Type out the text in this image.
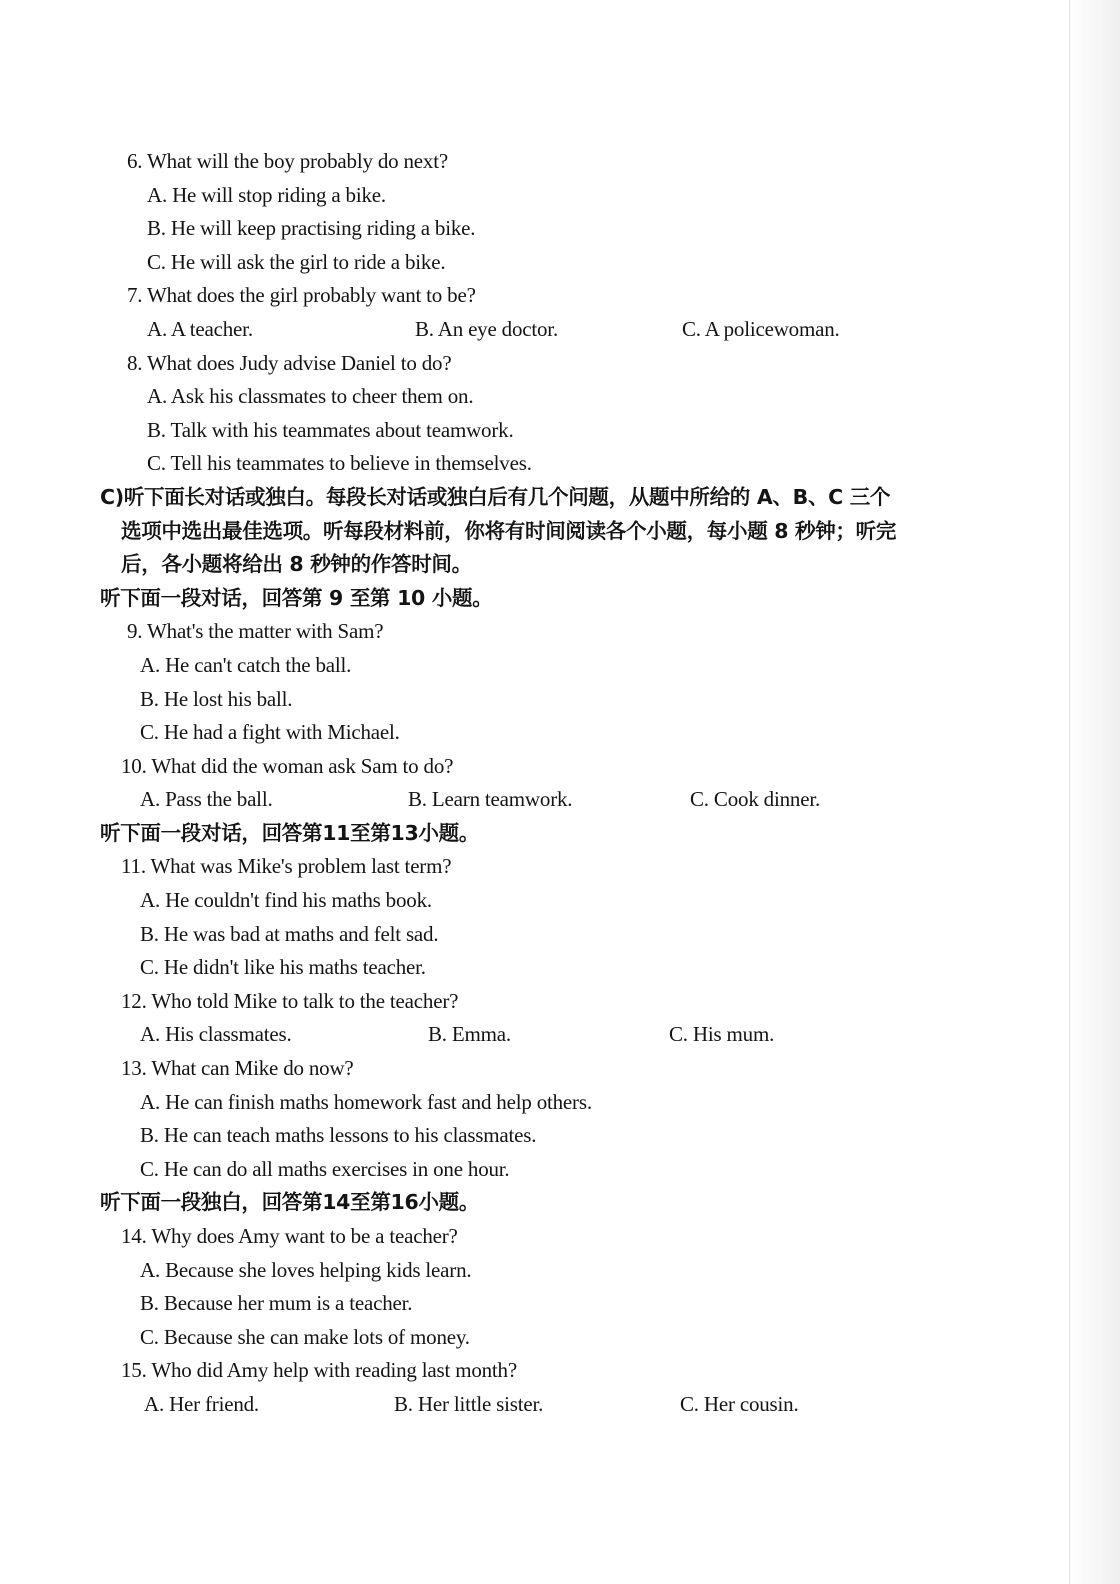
6. What will the boy probably do next?
A. He will stop riding a bike.
B. He will keep practising riding a bike.
C. He will ask the girl to ride a bike.
7. What does the girl probably want to be?
A. A teacher.	B. An eye doctor.	C. A policewoman.
8. What does Judy advise Daniel to do?
A. Ask his classmates to cheer them on.
B. Talk with his teammates about teamwork.
C. Tell his teammates to believe in themselves.
C)听下面长对话或独白。每段长对话或独白后有几个问题，从题中所给的 A、B、C 三个
选项中选出最佳选项。听每段材料前，你将有时间阅读各个小题，每小题 8 秒钟；听完
后，各小题将给出 8 秒钟的作答时间。
听下面一段对话，回答第 9 至第 10 小题。
9. What's the matter with Sam?
A. He can't catch the ball.
B. He lost his ball.
C. He had a fight with Michael.
10. What did the woman ask Sam to do?
A. Pass the ball.	B. Learn teamwork.	C. Cook dinner.
听下面一段对话，回答第11至第13小题。
11. What was Mike's problem last term?
A. He couldn't find his maths book.
B. He was bad at maths and felt sad.
C. He didn't like his maths teacher.
12. Who told Mike to talk to the teacher?
A. His classmates.	B. Emma.	C. His mum.
13. What can Mike do now?
A. He can finish maths homework fast and help others.
B. He can teach maths lessons to his classmates.
C. He can do all maths exercises in one hour.
听下面一段独白，回答第14至第16小题。
14. Why does Amy want to be a teacher?
A. Because she loves helping kids learn.
B. Because her mum is a teacher.
C. Because she can make lots of money.
15. Who did Amy help with reading last month?
A. Her friend.	B. Her little sister.	C. Her cousin.
